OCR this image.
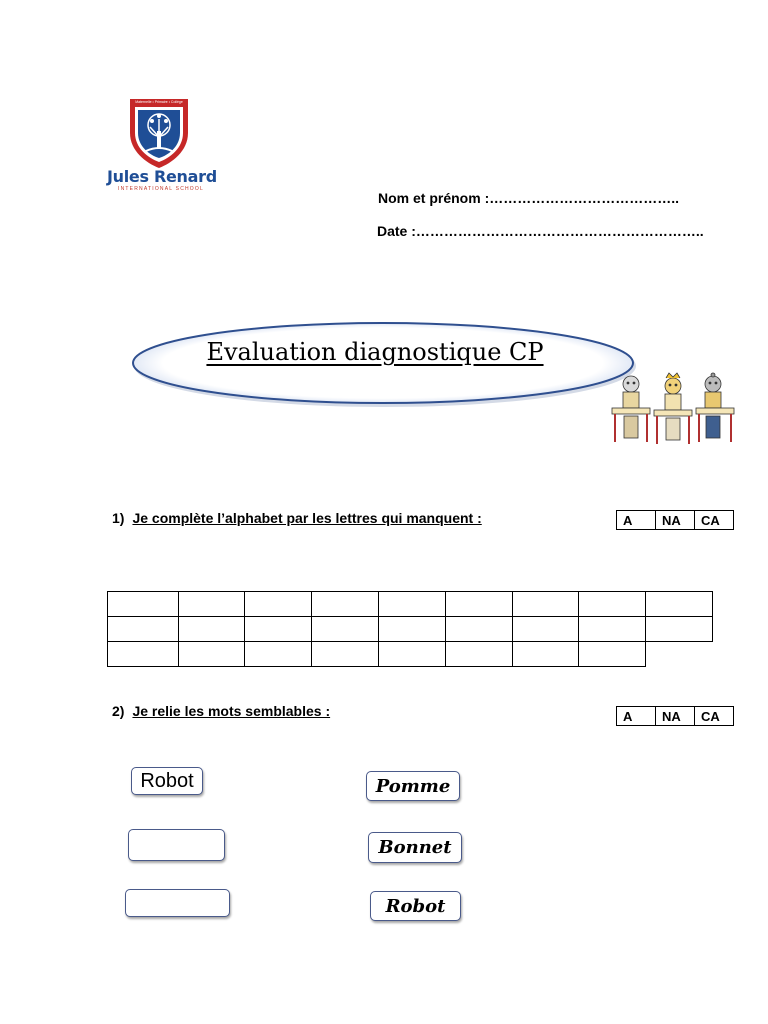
Maternelle • Primaire • Collège
Jules Renard
INTERNATIONAL SCHOOL
Nom et prénom :…………………………………..
Date :……………………………………………………..
Evaluation diagnostique CP
1) Je complète l’alphabet par les lettres qui manquent :	A	NA	CA

2) Je relie les mots semblables :	A	NA	CA
Robot	Pomme
Bonnet
Robot
